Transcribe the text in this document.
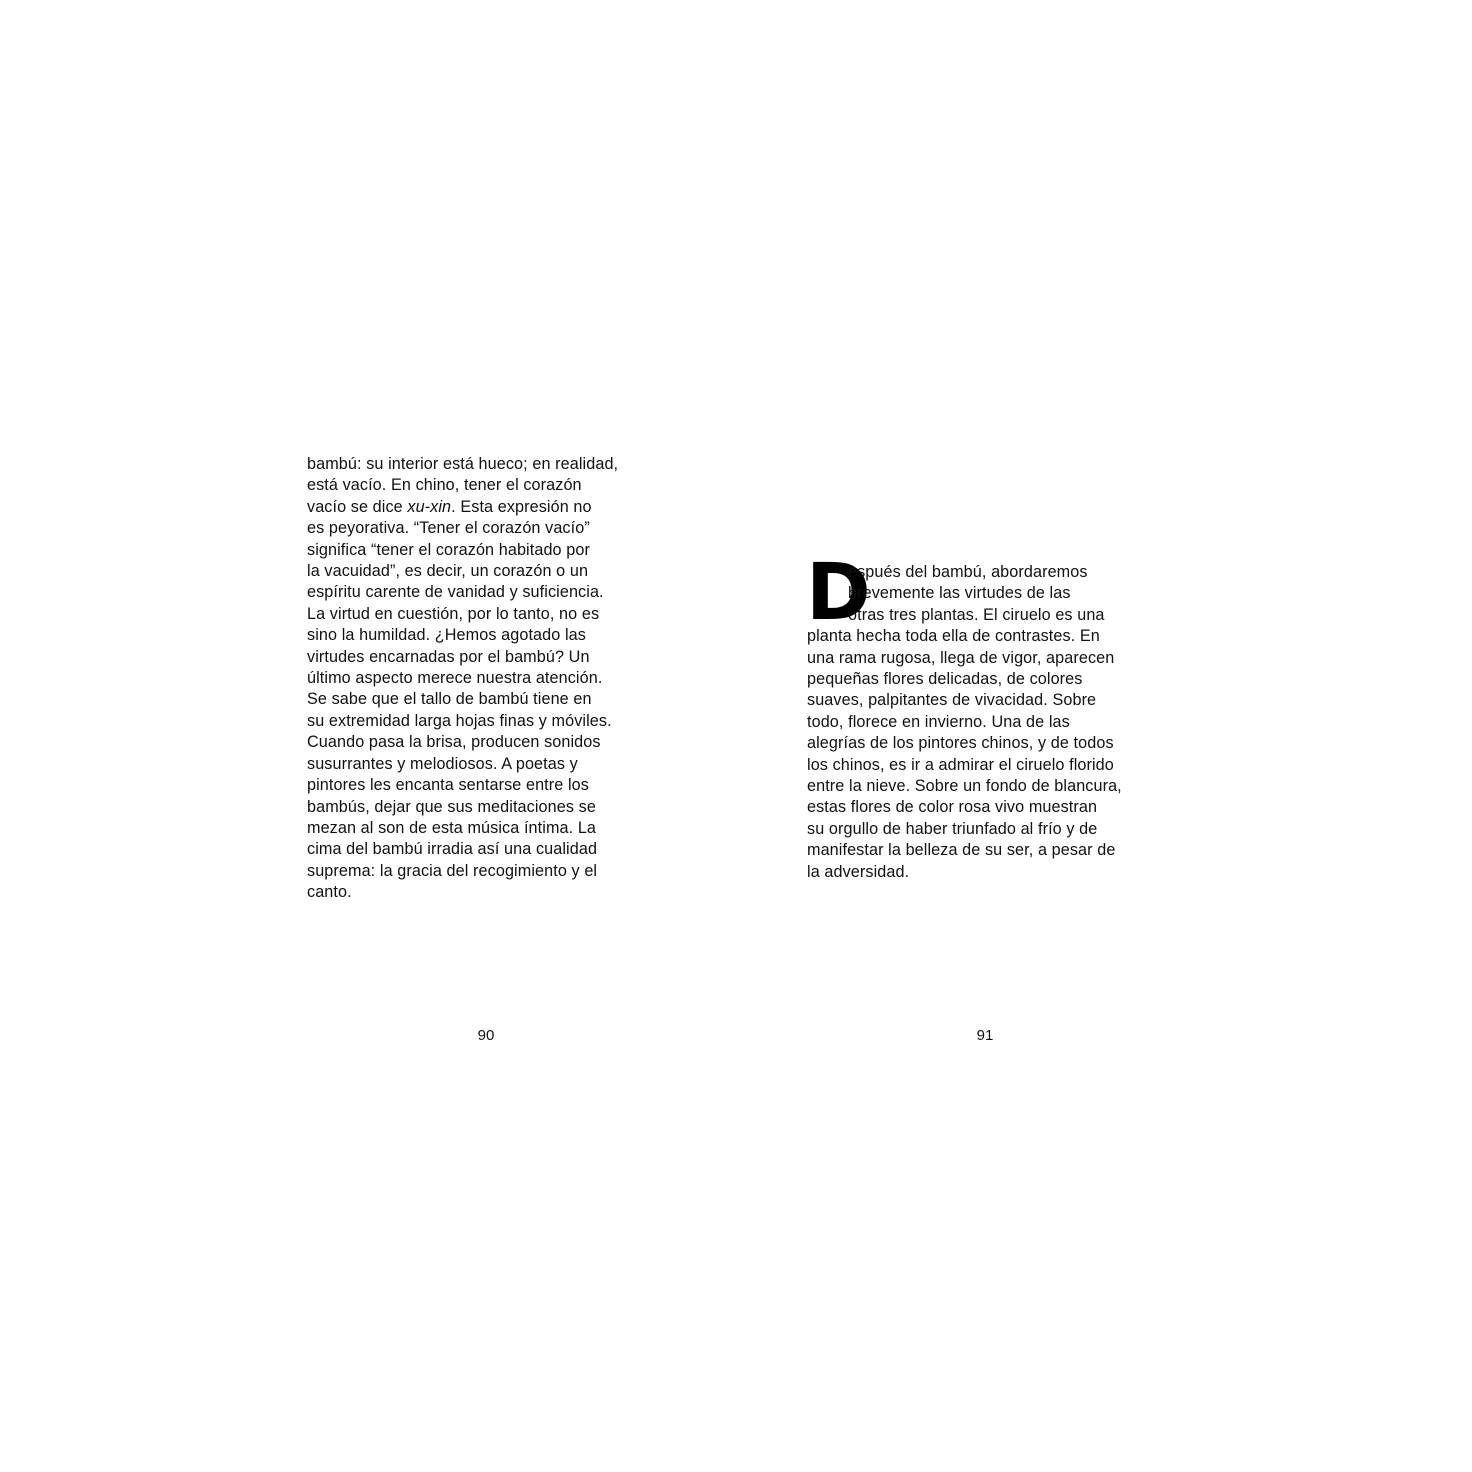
bambú: su interior está hueco; en realidad,
está vacío. En chino, tener el corazón
vacío se dice xu-xin. Esta expresión no
es peyorativa. “Tener el corazón vacío”
significa “tener el corazón habitado por
la vacuidad”, es decir, un corazón o un
espíritu carente de vanidad y suficiencia.
La virtud en cuestión, por lo tanto, no es
sino la humildad. ¿Hemos agotado las
virtudes encarnadas por el bambú? Un
último aspecto merece nuestra atención.
Se sabe que el tallo de bambú tiene en
su extremidad larga hojas finas y móviles.
Cuando pasa la brisa, producen sonidos
susurrantes y melodiosos. A poetas y
pintores les encanta sentarse entre los
bambús, dejar que sus meditaciones se
mezan al son de esta música íntima. La
cima del bambú irradia así una cualidad
suprema: la gracia del recogimiento y el
canto.
90
D
espués del bambú, abordaremos
brevemente las virtudes de las
otras tres plantas. El ciruelo es una
planta hecha toda ella de contrastes. En
una rama rugosa, llega de vigor, aparecen
pequeñas flores delicadas, de colores
suaves, palpitantes de vivacidad. Sobre
todo, florece en invierno. Una de las
alegrías de los pintores chinos, y de todos
los chinos, es ir a admirar el ciruelo florido
entre la nieve. Sobre un fondo de blancura,
estas flores de color rosa vivo muestran
su orgullo de haber triunfado al frío y de
manifestar la belleza de su ser, a pesar de
la adversidad.
91
